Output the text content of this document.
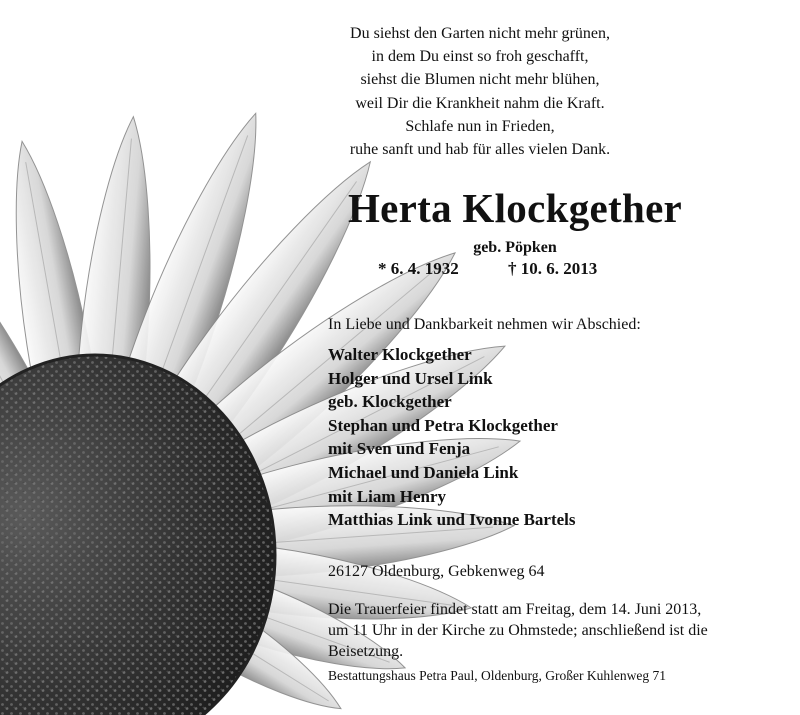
Du siehst den Garten nicht mehr grünen,
in dem Du einst so froh geschafft,
siehst die Blumen nicht mehr blühen,
weil Dir die Krankheit nahm die Kraft.
Schlafe nun in Frieden,
ruhe sanft und hab für alles vielen Dank.
Herta Klockgether
geb. Pöpken
* 6. 4. 1932	† 10. 6. 2013
In Liebe und Dankbarkeit nehmen wir Abschied:
Walter Klockgether
Holger und Ursel Link
geb. Klockgether
Stephan und Petra Klockgether
mit Sven und Fenja
Michael und Daniela Link
mit Liam Henry
Matthias Link und Ivonne Bartels
26127 Oldenburg, Gebkenweg 64
Die Trauerfeier findet statt am Freitag, dem 14. Juni 2013,
um 11 Uhr in der Kirche zu Ohmstede; anschließend ist die
Beisetzung.
Bestattungshaus Petra Paul, Oldenburg, Großer Kuhlenweg 71
